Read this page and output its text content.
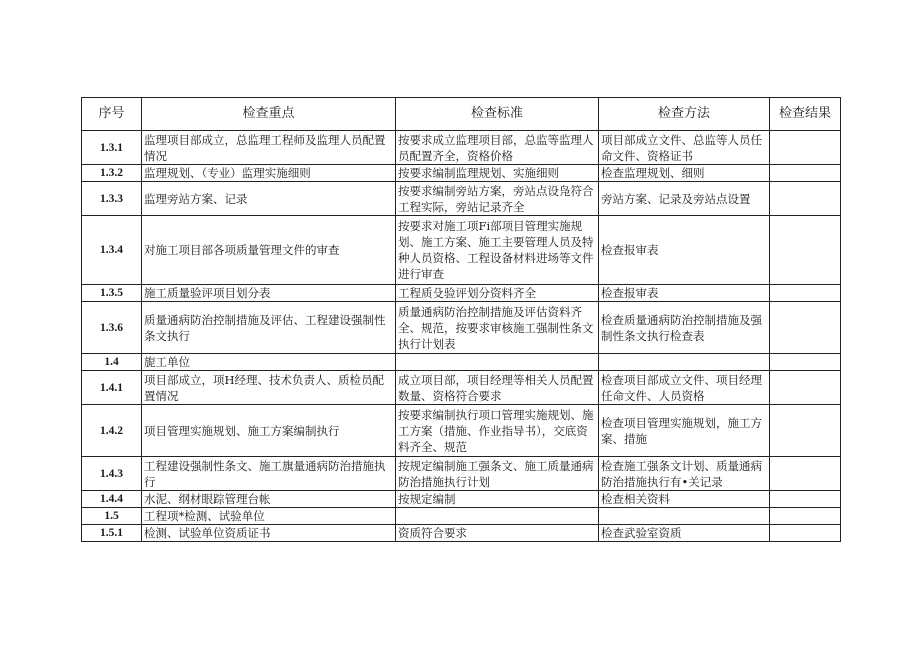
序号	检查重点	检查标准	检查方法	检查结果
1.3.1	监理项目部成立，总监理工程师及监理人员配置情况	按要求成立监理项目部，总监等监理人员配置齐全，资格价格	项目部成立文件、总监等人员任命文件、资格证书	
1.3.2	监理规划、（专业）监理实施细则	按要求编制监理规划、实施细则	检查监理规划、细则	
1.3.3	监理旁站方案、记录	按要求编制旁站方案，旁站点设凫符合工程实际，旁站记录齐全	旁站方案、记录及旁站点设置	
1.3.4	对施工项目部各项质量管理文件的审查	按要求对施工项Fi部项目管理实施规划、施工方案、施工主要管理人员及特种人员资格、工程设备材料进场等文件进行审查	检查报审表	
1.3.5	施工质量验评项目划分表	工程质殳验评划分资料齐全	检查报审表	
1.3.6	质量通病防治控制措施及评估、工程建设强制性条文执行	质量通病防治控制措施及评估资料齐全、规范，按要求审核施工强制性条文执行计划表	检查质量通病防治控制措施及强制性条文执行检查表	
1.4	旎工单位			
1.4.1	项目部成立，项H经理、技术负责人、质检员配置情况	成立项目部，项目经理等相关人员配置数量、资格符合要求	检查项目部成立文件、项目经理任命文件、人员资格	
1.4.2	项目管理实施规划、施工方案编制执行	按要求编制执行项口管理实施规划、施工方案（措施、作业指导书），交底资料齐全、规范	检查项目管理实施规划，施工方案、措施	
1.4.3	工程建设强制性条文、施工旗量通病防治措施执行	按规定编制施工强条文、施工质量通病防治措施执行计划	检查施工强条文计划、质量通病防治措施执行有•关记录	
1.4.4	水泥、纲材眼踪管理台帐	按规定编制	检查相关资料	
1.5	工程项*检测、试验单位			
1.5.1	检测、试验单位资质证书	资质符合要求	检查武验室资质	
